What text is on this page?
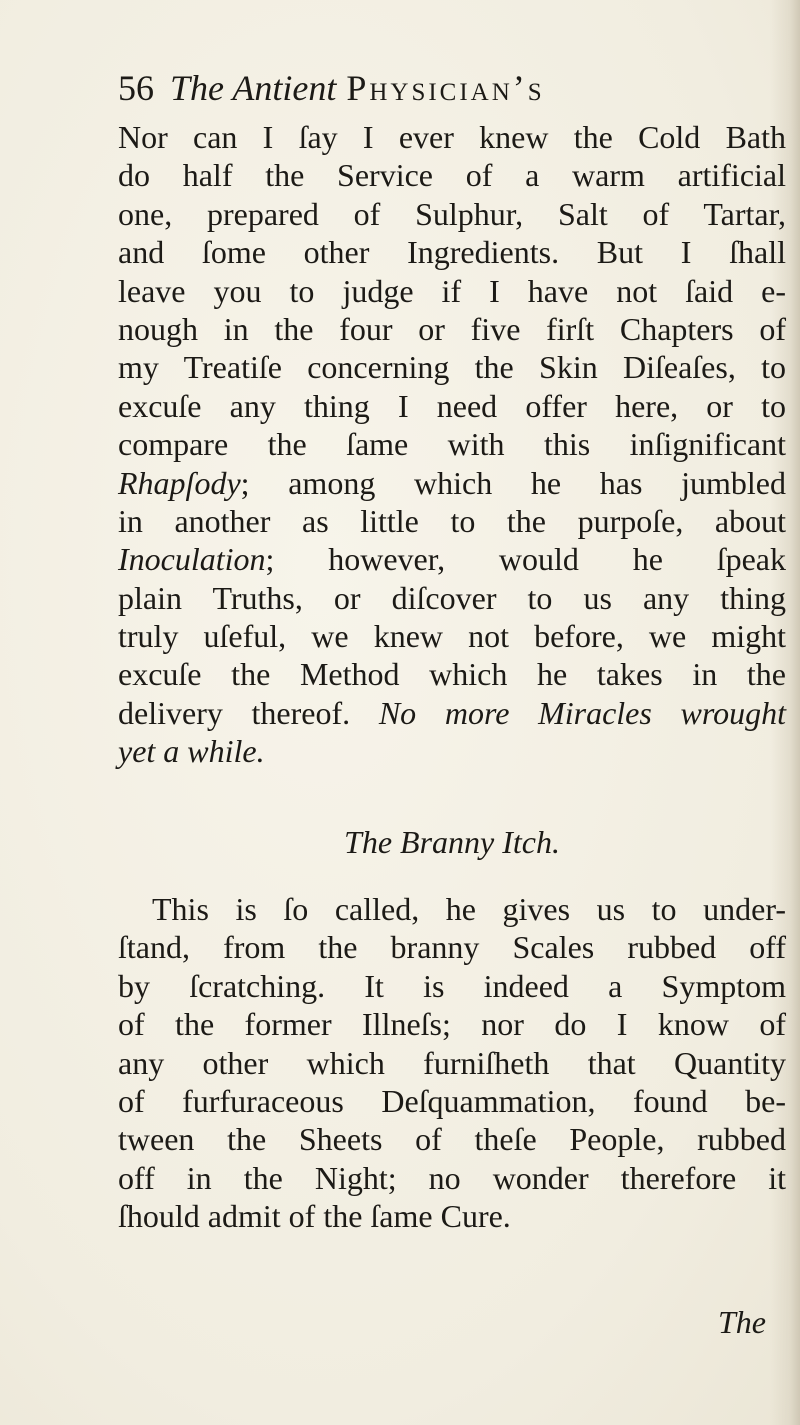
56 The Antient Physician’s
Nor can I ſay I ever knew the Cold Bath
do half the Service of a warm artificial
one, prepared of Sulphur, Salt of Tartar,
and ſome other Ingredients. But I ſhall
leave you to judge if I have not ſaid e-
nough in the four or five firſt Chapters of
my Treatiſe concerning the Skin Diſeaſes, to
excuſe any thing I need offer here, or to
compare the ſame with this inſignificant
Rhapſody; among which he has jumbled
in another as little to the purpoſe, about
Inoculation; however, would he ſpeak
plain Truths, or diſcover to us any thing
truly uſeful, we knew not before, we might
excuſe the Method which he takes in the
delivery thereof. No more Miracles wrought
yet a while.
The Branny Itch.
This is ſo called, he gives us to under-
ſtand, from the branny Scales rubbed off
by ſcratching. It is indeed a Symptom
of the former Illneſs; nor do I know of
any other which furniſheth that Quantity
of furfuraceous Deſquammation, found be-
tween the Sheets of theſe People, rubbed
off in the Night; no wonder therefore it
ſhould admit of the ſame Cure.
The
